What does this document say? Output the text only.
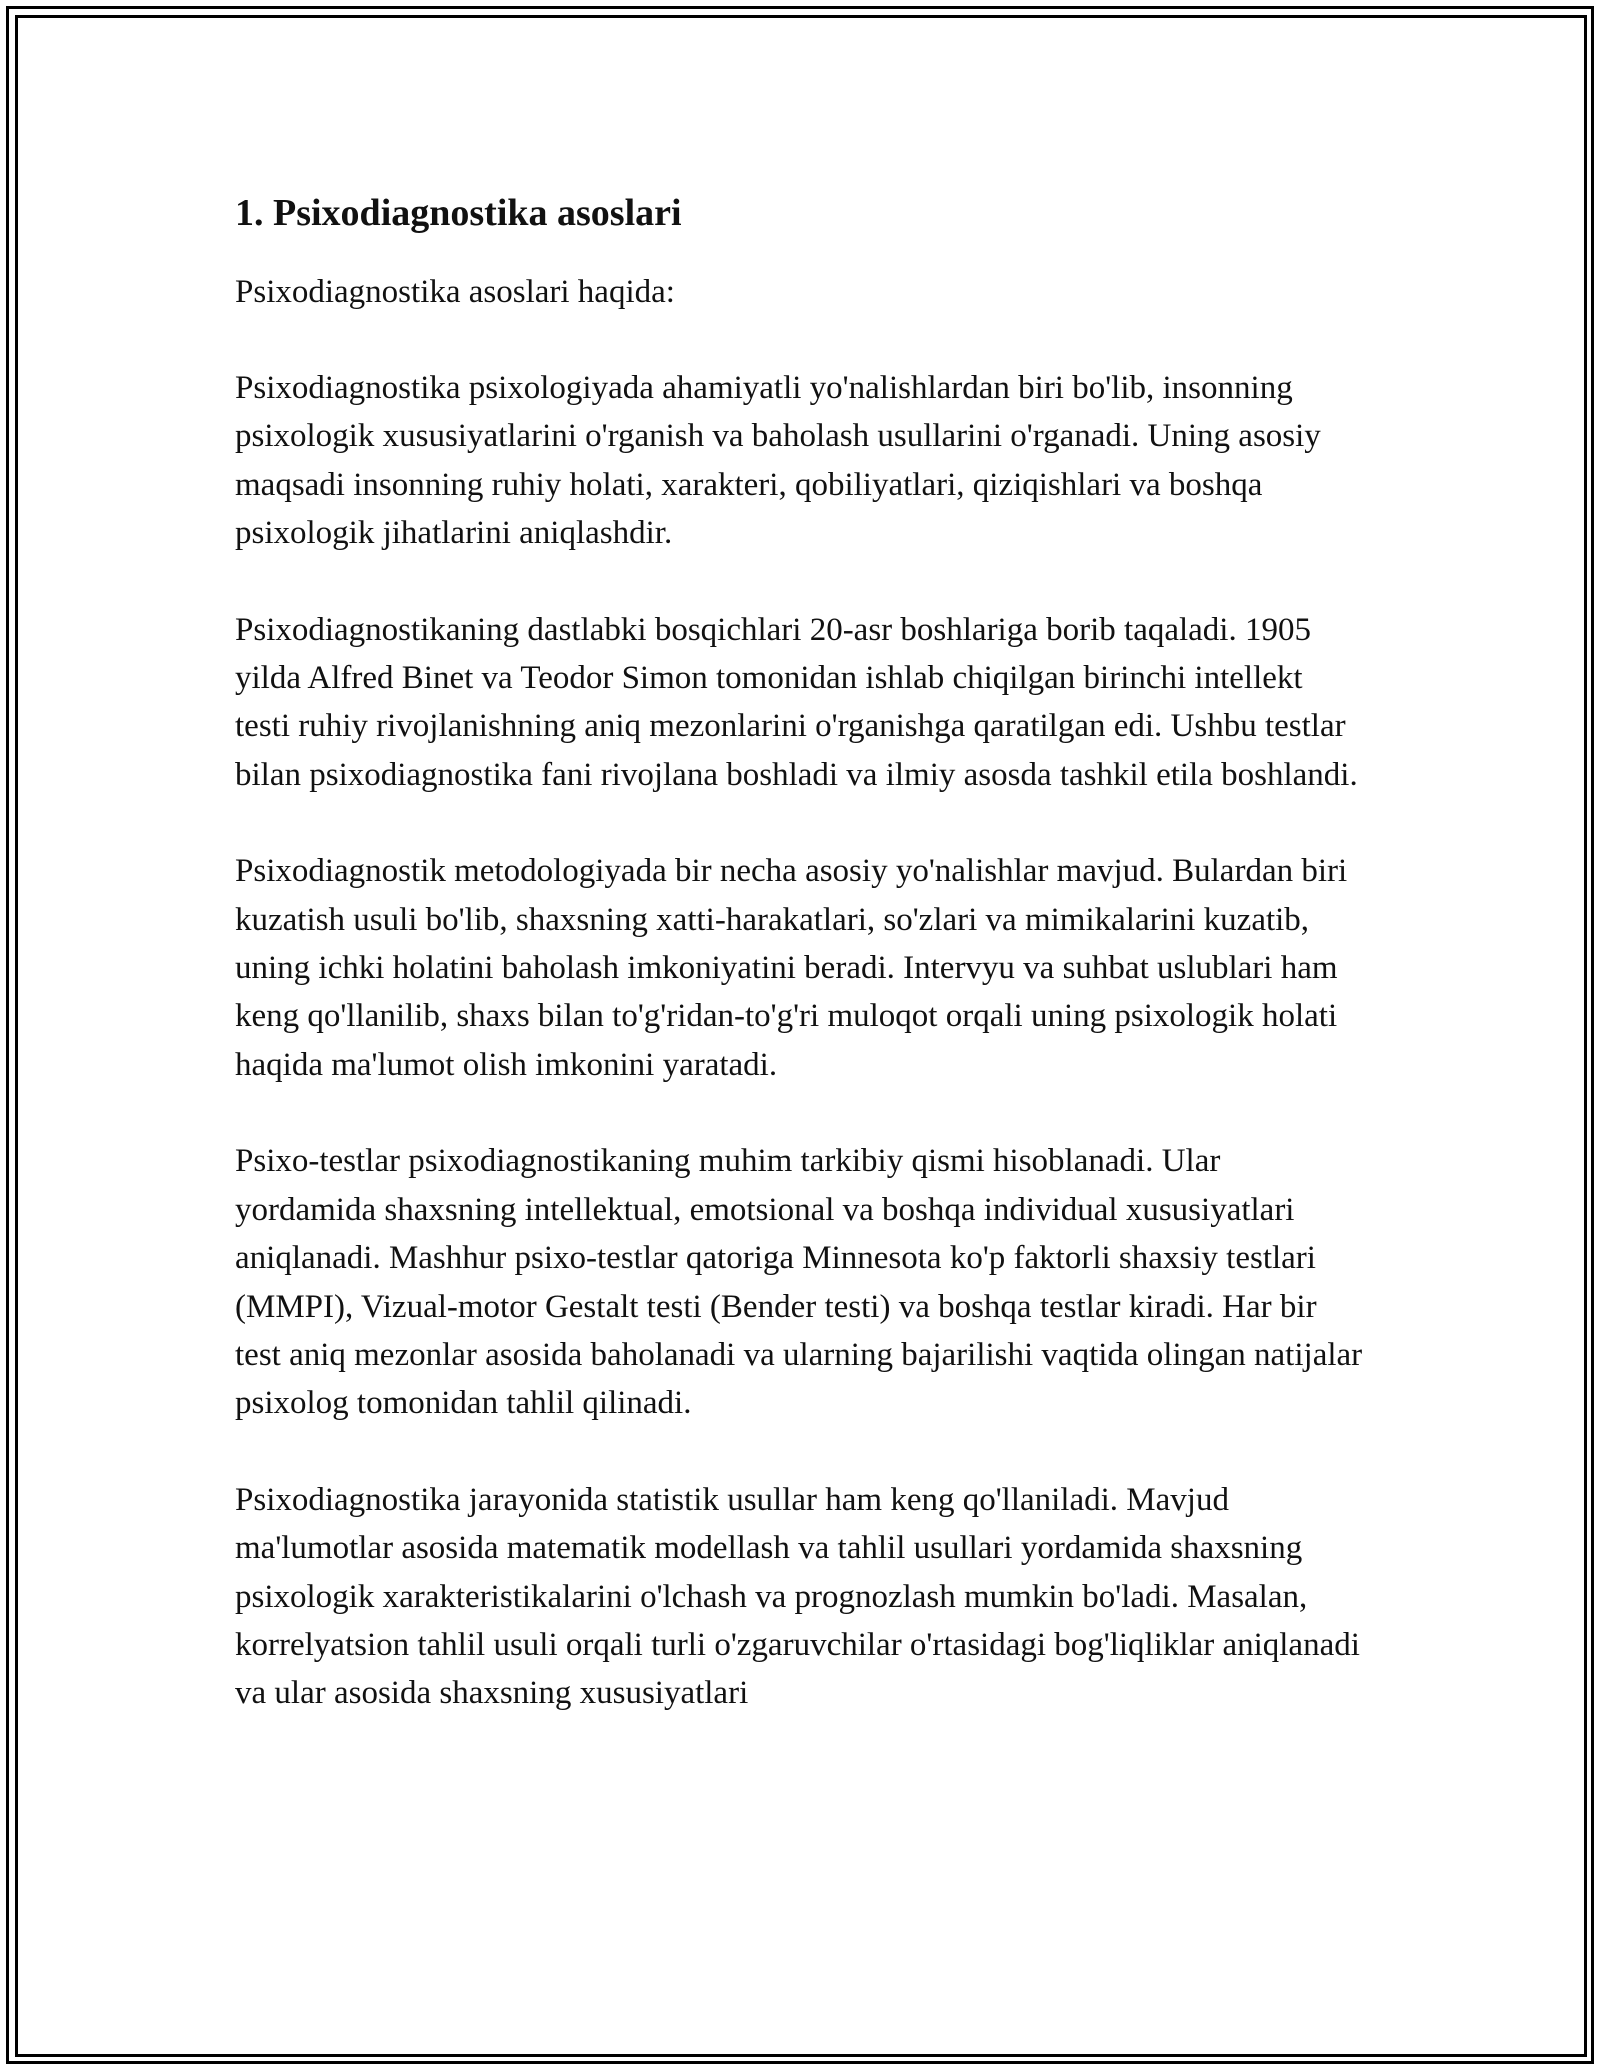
1. Psixodiagnostika asoslari

Psixodiagnostika asoslari haqida:

Psixodiagnostika psixologiyada ahamiyatli yo'nalishlardan biri bo'lib, insonning psixologik xususiyatlarini o'rganish va baholash usullarini o'rganadi. Uning asosiy maqsadi insonning ruhiy holati, xarakteri, qobiliyatlari, qiziqishlari va boshqa psixologik jihatlarini aniqlashdir.

Psixodiagnostikaning dastlabki bosqichlari 20-asr boshlariga borib taqaladi. 1905 yilda Alfred Binet va Teodor Simon tomonidan ishlab chiqilgan birinchi intellekt testi ruhiy rivojlanishning aniq mezonlarini o'rganishga qaratilgan edi. Ushbu testlar bilan psixodiagnostika fani rivojlana boshladi va ilmiy asosda tashkil etila boshlandi.

Psixodiagnostik metodologiyada bir necha asosiy yo'nalishlar mavjud. Bulardan biri kuzatish usuli bo'lib, shaxsning xatti-harakatlari, so'zlari va mimikalarini kuzatib, uning ichki holatini baholash imkoniyatini beradi. Intervyu va suhbat uslublari ham keng qo'llanilib, shaxs bilan to'g'ridan-to'g'ri muloqot orqali uning psixologik holati haqida ma'lumot olish imkonini yaratadi.

Psixo-testlar psixodiagnostikaning muhim tarkibiy qismi hisoblanadi. Ular yordamida shaxsning intellektual, emotsional va boshqa individual xususiyatlari aniqlanadi. Mashhur psixo-testlar qatoriga Minnesota ko'p faktorli shaxsiy testlari (MMPI), Vizual-motor Gestalt testi (Bender testi) va boshqa testlar kiradi. Har bir test aniq mezonlar asosida baholanadi va ularning bajarilishi vaqtida olingan natijalar psixolog tomonidan tahlil qilinadi.

Psixodiagnostika jarayonida statistik usullar ham keng qo'llaniladi. Mavjud ma'lumotlar asosida matematik modellash va tahlil usullari yordamida shaxsning psixologik xarakteristikalarini o'lchash va prognozlash mumkin bo'ladi. Masalan, korrelyatsion tahlil usuli orqali turli o'zgaruvchilar o'rtasidagi bog'liqliklar aniqlanadi va ular asosida shaxsning xususiyatlari
